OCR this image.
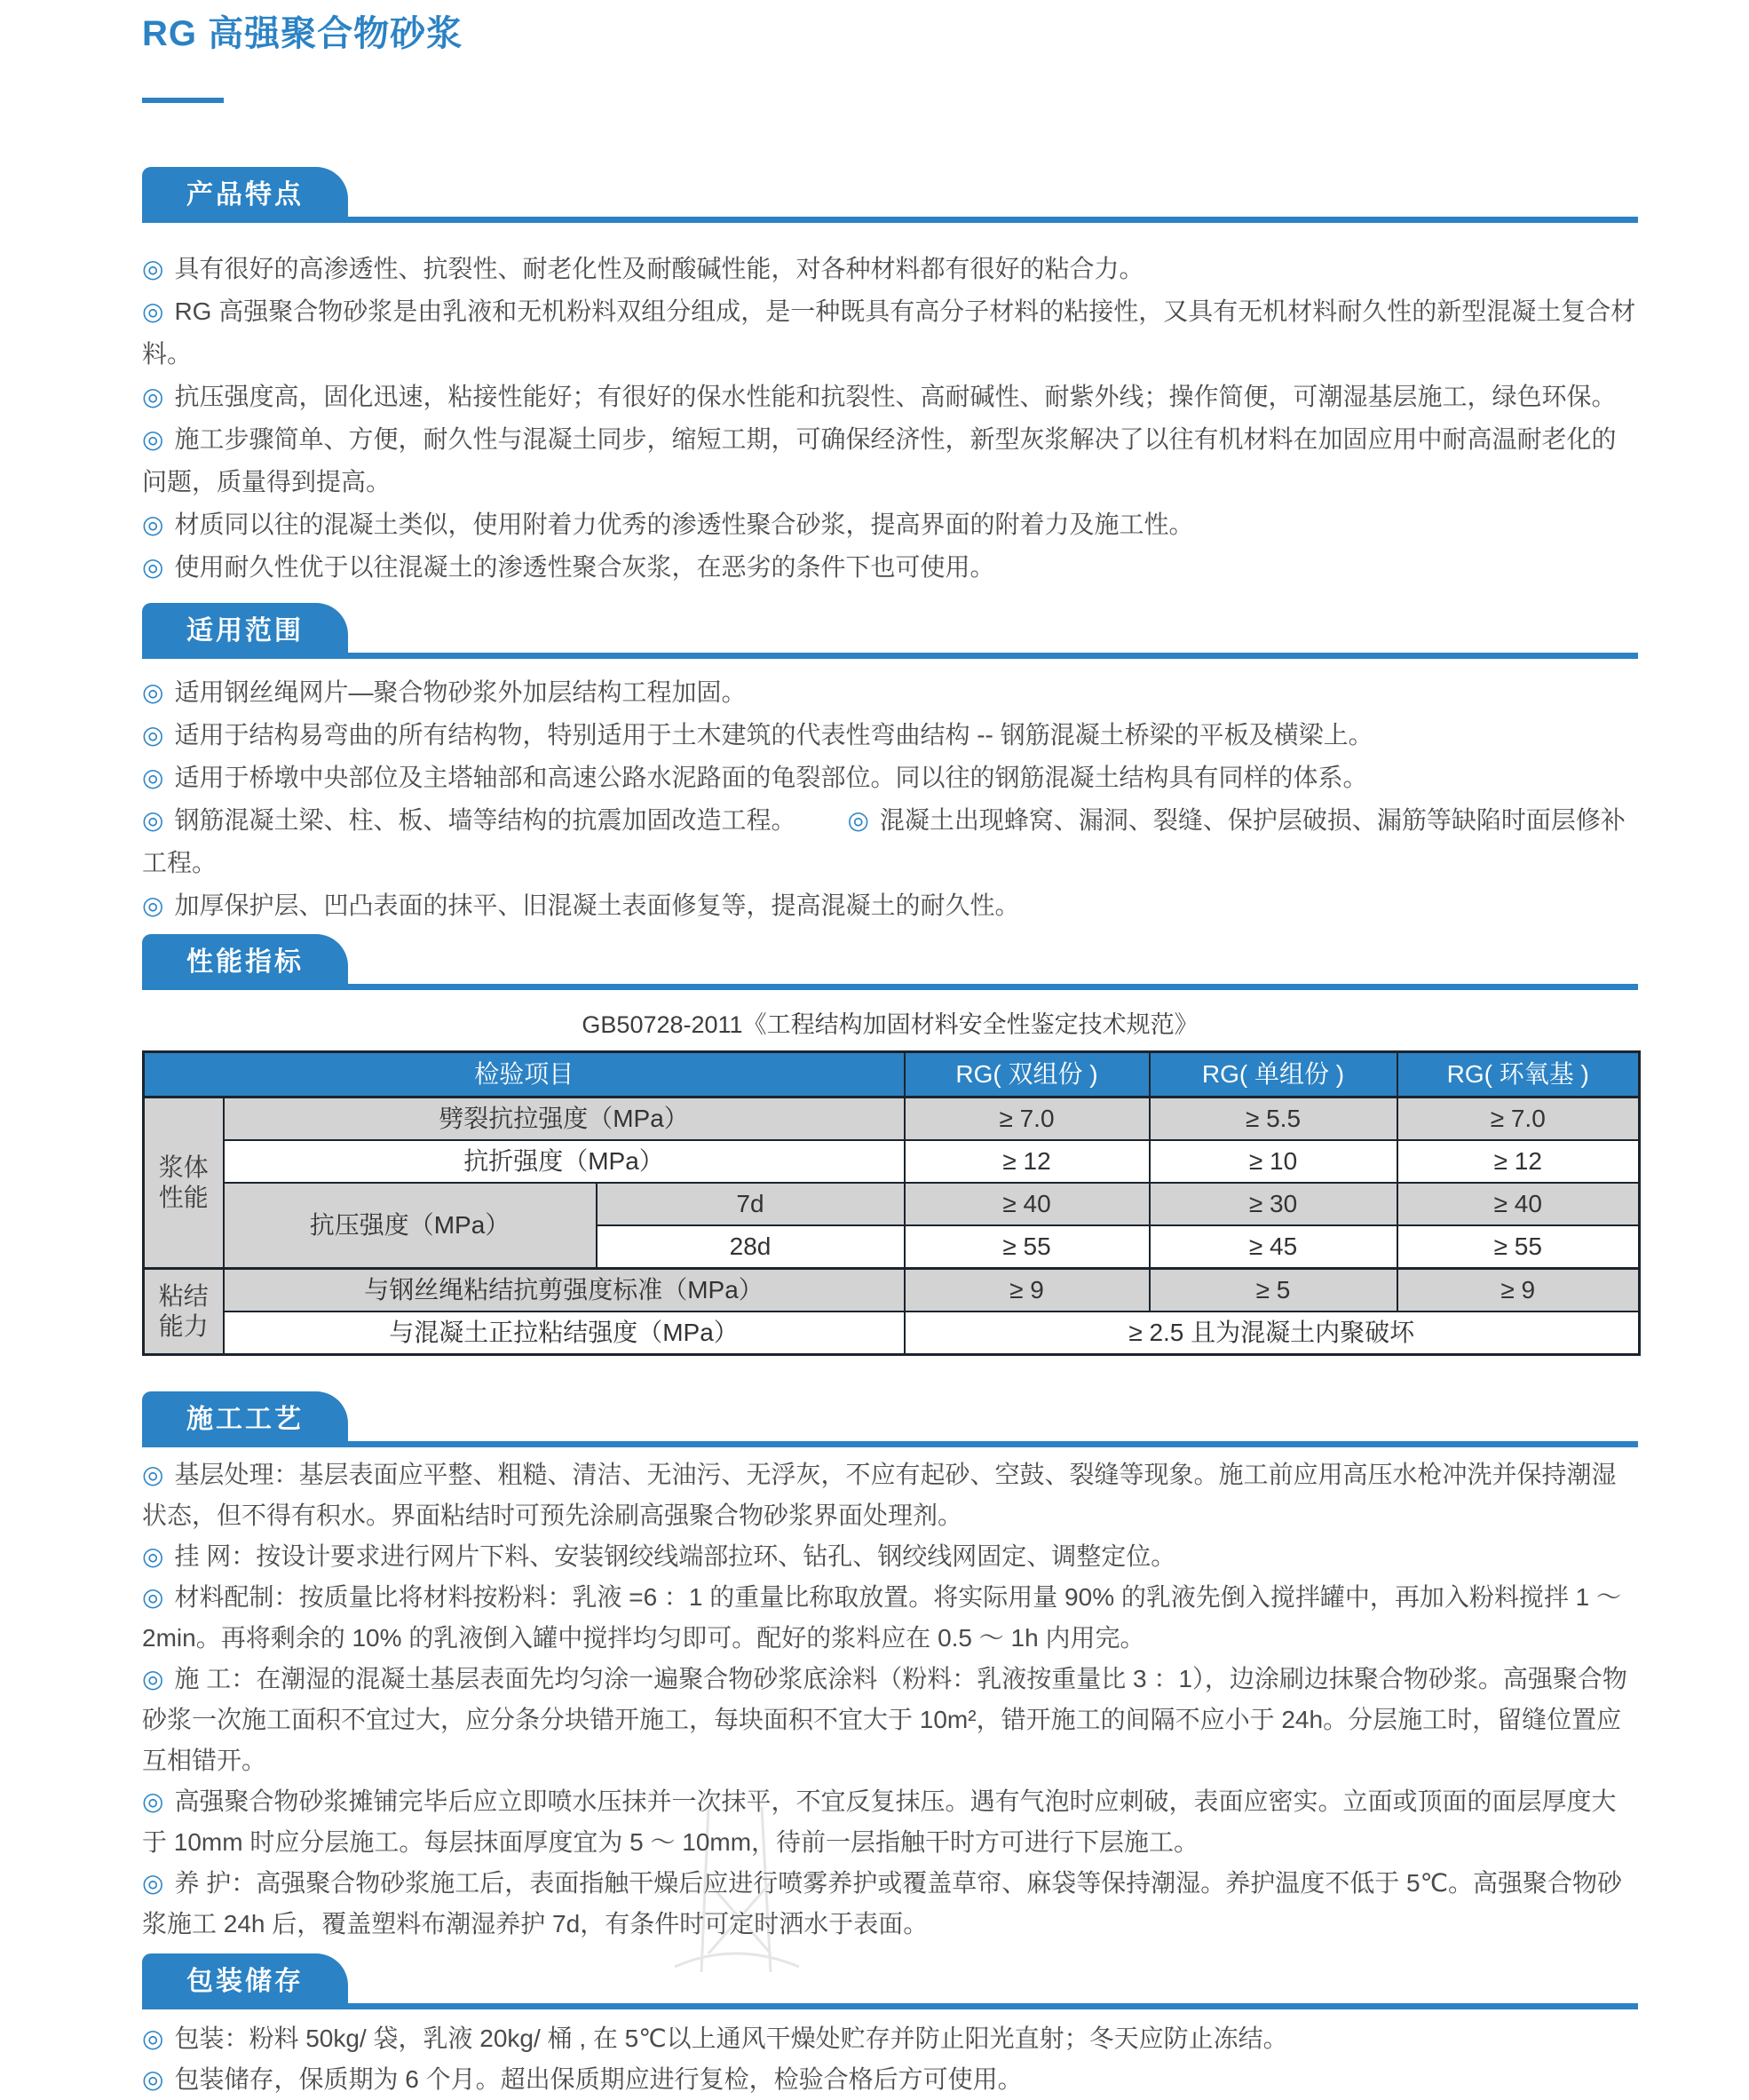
RG 高强聚合物砂浆
产品特点
◎ 具有很好的高渗透性、抗裂性、耐老化性及耐酸碱性能，对各种材料都有很好的粘合力。
◎ RG 高强聚合物砂浆是由乳液和无机粉料双组分组成，是一种既具有高分子材料的粘接性，又具有无机材料耐久性的新型混凝土复合材料。
◎ 抗压强度高，固化迅速，粘接性能好；有很好的保水性能和抗裂性、高耐碱性、耐紫外线；操作简便，可潮湿基层施工，绿色环保。
◎ 施工步骤简单、方便，耐久性与混凝土同步，缩短工期，可确保经济性，新型灰浆解决了以往有机材料在加固应用中耐高温耐老化的问题，质量得到提高。
◎ 材质同以往的混凝土类似，使用附着力优秀的渗透性聚合砂浆，提高界面的附着力及施工性。
◎ 使用耐久性优于以往混凝土的渗透性聚合灰浆，在恶劣的条件下也可使用。
适用范围
◎ 适用钢丝绳网片—聚合物砂浆外加层结构工程加固。
◎ 适用于结构易弯曲的所有结构物，特别适用于土木建筑的代表性弯曲结构 -- 钢筋混凝土桥梁的平板及横梁上。
◎ 适用于桥墩中央部位及主塔轴部和高速公路水泥路面的龟裂部位。同以往的钢筋混凝土结构具有同样的体系。
◎ 钢筋混凝土梁、柱、板、墙等结构的抗震加固改造工程。 ◎ 混凝土出现蜂窝、漏洞、裂缝、保护层破损、漏筋等缺陷时面层修补工程。
◎ 加厚保护层、凹凸表面的抹平、旧混凝土表面修复等，提高混凝土的耐久性。
性能指标
GB50728-2011《工程结构加固材料安全性鉴定技术规范》
检验项目			RG( 双组份 )	RG( 单组份 )	RG( 环氧基 )
浆体性能	劈裂抗拉强度（MPa）		≥ 7.0	≥ 5.5	≥ 7.0
	抗折强度（MPa）		≥ 12	≥ 10	≥ 12
	抗压强度（MPa）	7d	≥ 40	≥ 30	≥ 40
		28d	≥ 55	≥ 45	≥ 55
粘结能力	与钢丝绳粘结抗剪强度标准（MPa）		≥ 9	≥ 5	≥ 9
	与混凝土正拉粘结强度（MPa）		≥ 2.5 且为混凝土内聚破坏		
施工工艺
◎ 基层处理：基层表面应平整、粗糙、清洁、无油污、无浮灰，不应有起砂、空鼓、裂缝等现象。施工前应用高压水枪冲洗并保持潮湿状态，但不得有积水。界面粘结时可预先涂刷高强聚合物砂浆界面处理剂。
◎ 挂 网：按设计要求进行网片下料、安装钢绞线端部拉环、钻孔、钢绞线网固定、调整定位。
◎ 材料配制：按质量比将材料按粉料：乳液 =6 ：1 的重量比称取放置。将实际用量 90% 的乳液先倒入搅拌罐中，再加入粉料搅拌 1 ～ 2min。再将剩余的 10% 的乳液倒入罐中搅拌均匀即可。配好的浆料应在 0.5 ～ 1h 内用完。
◎ 施 工：在潮湿的混凝土基层表面先均匀涂一遍聚合物砂浆底涂料（粉料：乳液按重量比 3 ：1），边涂刷边抹聚合物砂浆。高强聚合物砂浆一次施工面积不宜过大，应分条分块错开施工，每块面积不宜大于 10m²，错开施工的间隔不应小于 24h。分层施工时，留缝位置应互相错开。
◎ 高强聚合物砂浆摊铺完毕后应立即喷水压抹并一次抹平，不宜反复抹压。遇有气泡时应刺破，表面应密实。立面或顶面的面层厚度大于 10mm 时应分层施工。每层抹面厚度宜为 5 ～ 10mm，待前一层指触干时方可进行下层施工。
◎ 养 护：高强聚合物砂浆施工后，表面指触干燥后应进行喷雾养护或覆盖草帘、麻袋等保持潮湿。养护温度不低于 5℃。高强聚合物砂浆施工 24h 后，覆盖塑料布潮湿养护 7d，有条件时可定时洒水于表面。
包装储存
◎ 包装：粉料 50kg/ 袋，乳液 20kg/ 桶 , 在 5℃以上通风干燥处贮存并防止阳光直射；冬天应防止冻结。
◎ 包装储存，保质期为 6 个月。超出保质期应进行复检，检验合格后方可使用。
